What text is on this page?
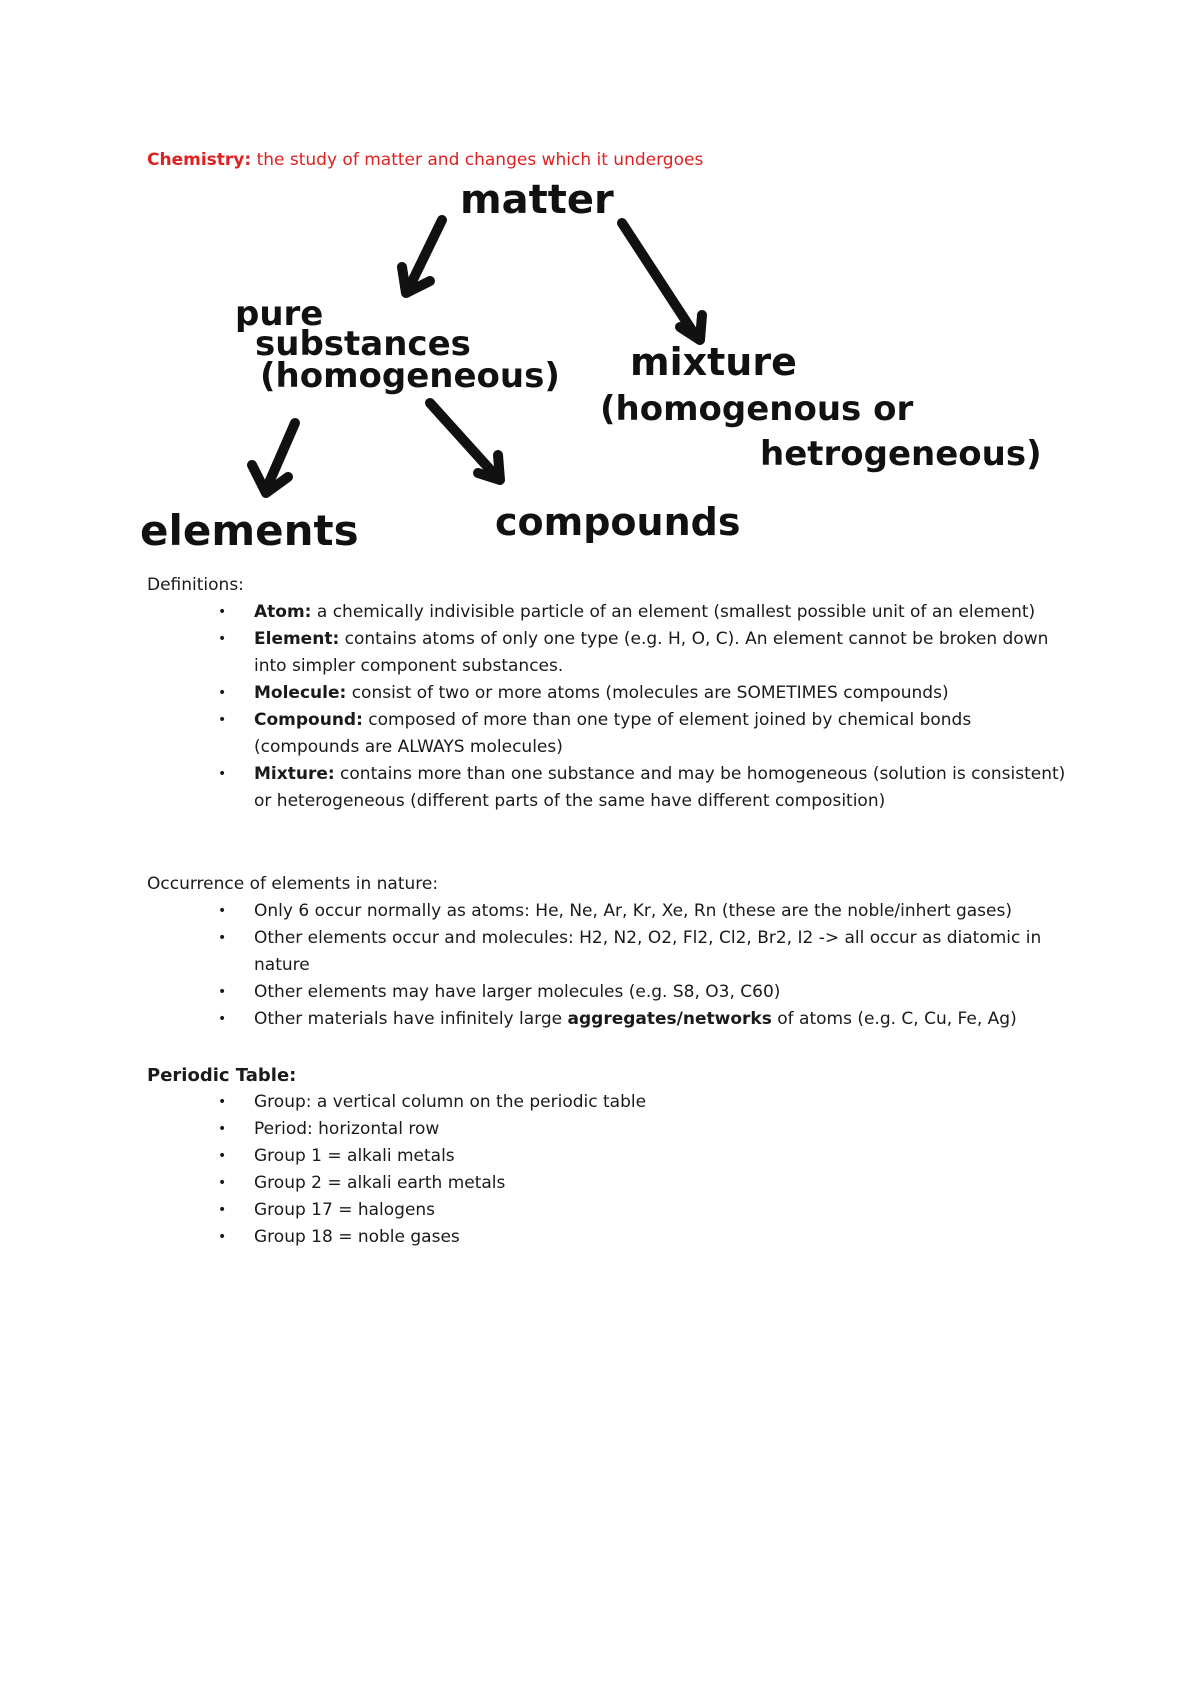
Chemistry: the study of matter and changes which it undergoes
matter
pure
substances
(homogeneous) mixture
(homogenous or
hetrogeneous)
elements	compounds

Definitions:

• Atom: a chemically indivisible particle of an element (smallest possible unit of an element)
• Element: contains atoms of only one type (e.g. H, O, C). An element cannot be broken down into simpler component substances.
• Molecule: consist of two or more atoms (molecules are SOMETIMES compounds)
• Compound: composed of more than one type of element joined by chemical bonds (compounds are ALWAYS molecules)
• Mixture: contains more than one substance and may be homogeneous (solution is consistent) or heterogeneous (different parts of the same have different composition)

Occurrence of elements in nature:

• Only 6 occur normally as atoms: He, Ne, Ar, Kr, Xe, Rn (these are the noble/inhert gases)
• Other elements occur and molecules: H2, N2, O2, Fl2, Cl2, Br2, I2 -> all occur as diatomic in nature
• Other elements may have larger molecules (e.g. S8, O3, C60)
• Other materials have infinitely large aggregates/networks of atoms (e.g. C, Cu, Fe, Ag)

Periodic Table:

• Group: a vertical column on the periodic table
• Period: horizontal row
• Group 1 = alkali metals
• Group 2 = alkali earth metals
• Group 17 = halogens
• Group 18 = noble gases
